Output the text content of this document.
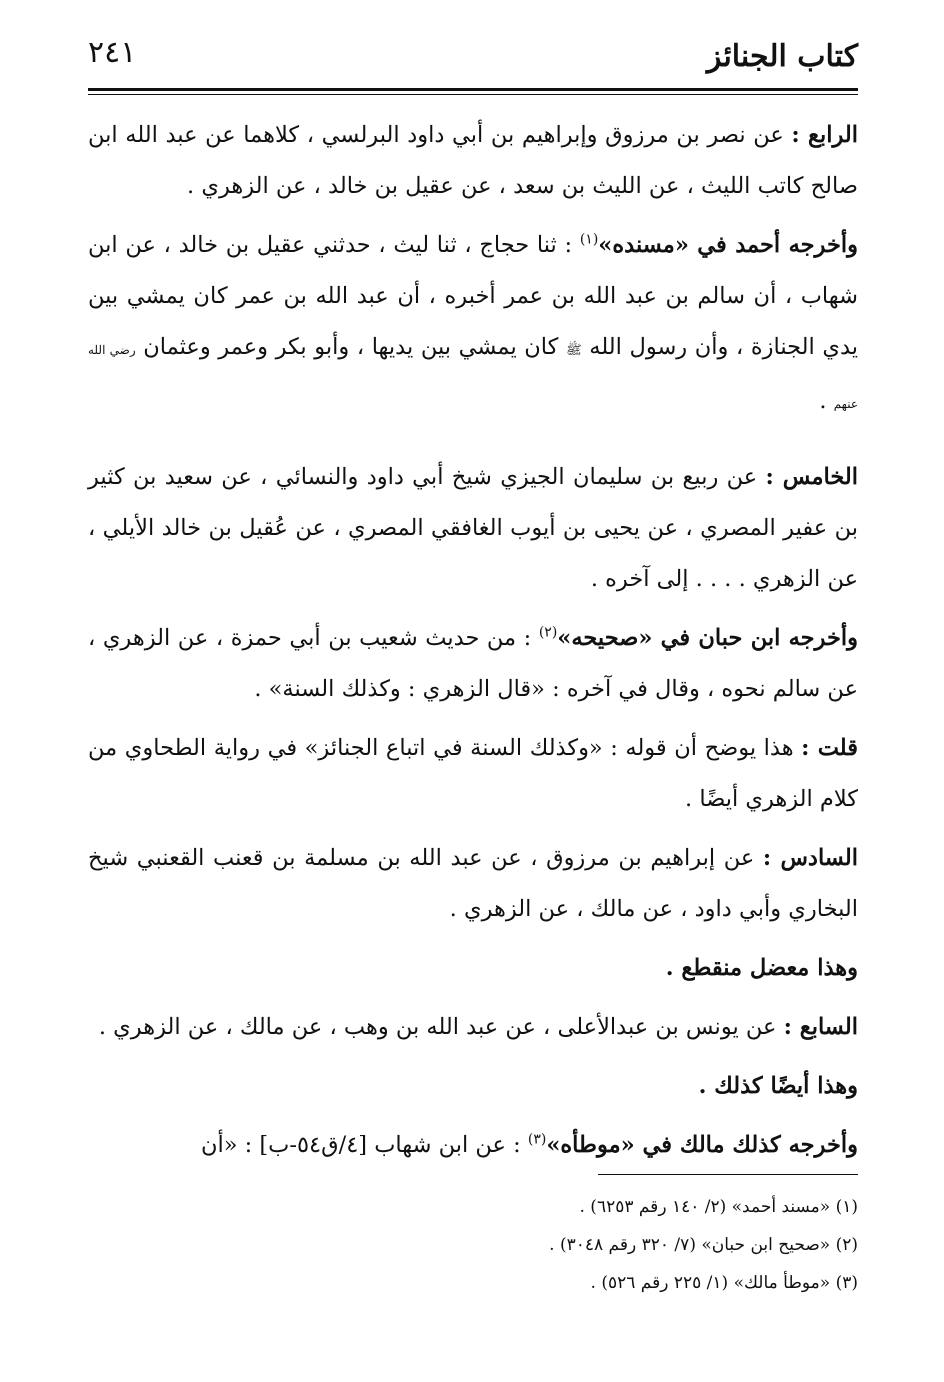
كتاب الجنائز
٢٤١

الرابع : عن نصر بن مرزوق وإبراهيم بن أبي داود البرلسي ، كلاهما عن عبد الله ابن صالح كاتب الليث ، عن الليث بن سعد ، عن عقيل بن خالد ، عن الزهري .

وأخرجه أحمد في «مسنده»$^{(١)}$ : ثنا حجاج ، ثنا ليث ، حدثني عقيل بن خالد ، عن ابن شهاب ، أن سالم بن عبد الله بن عمر أخبره ، أن عبد الله بن عمر كان يمشي بين يدي الجنازة ، وأن رسول الله ﷺ كان يمشي بين يديها ، وأبو بكر وعمر وعثمان رضي الله عنهم .

الخامس : عن ربيع بن سليمان الجيزي شيخ أبي داود والنسائي ، عن سعيد بن كثير بن عفير المصري ، عن يحيى بن أيوب الغافقي المصري ، عن عُقيل بن خالد الأيلي ، عن الزهري . . . . إلى آخره .

وأخرجه ابن حبان في «صحيحه»$^{(٢)}$ : من حديث شعيب بن أبي حمزة ، عن الزهري ، عن سالم نحوه ، وقال في آخره : «قال الزهري : وكذلك السنة» .

قلت : هذا يوضح أن قوله : «وكذلك السنة في اتباع الجنائز» في رواية الطحاوي من كلام الزهري أيضًا .

السادس : عن إبراهيم بن مرزوق ، عن عبد الله بن مسلمة بن قعنب القعنبي شيخ البخاري وأبي داود ، عن مالك ، عن الزهري .

وهذا معضل منقطع .

السابع : عن يونس بن عبدالأعلى ، عن عبد الله بن وهب ، عن مالك ، عن الزهري .

وهذا أيضًا كذلك .

وأخرجه كذلك مالك في «موطأه»$^{(٣)}$ : عن ابن شهاب [٤/ق٥٤-ب] : «أن

(١) «مسند أحمد» (٢/ ١٤٠ رقم ٦٢٥٣) .

(٢) «صحيح ابن حبان» (٧/ ٣٢٠ رقم ٣٠٤٨) .

(٣) «موطأ مالك» (١/ ٢٢٥ رقم ٥٢٦) .
